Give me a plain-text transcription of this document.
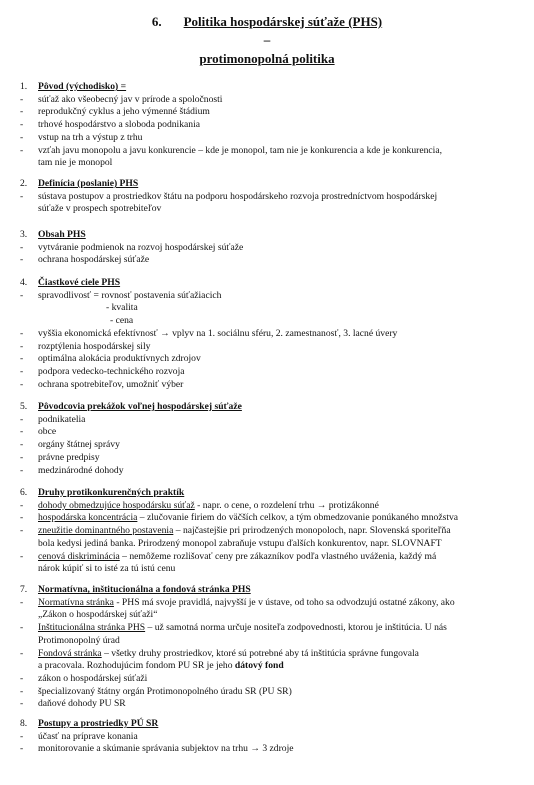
6. Politika hospodárskej súťaže (PHS)
–
protimonopolná politika
1. Pôvod (východisko) =
- súťaž ako všeobecný jav v prírode a spoločnosti
- reprodukčný cyklus a jeho výmenné štádium
- trhové hospodárstvo a sloboda podnikania
- vstup na trh a výstup z trhu
- vzťah javu monopolu a javu konkurencie – kde je monopol, tam nie je konkurencia a kde je konkurencia,
tam nie je monopol
2. Definícia (poslanie) PHS
- sústava postupov a prostriedkov štátu na podporu hospodárskeho rozvoja prostredníctvom hospodárskej
súťaže v prospech spotrebiteľov
3. Obsah PHS
- vytváranie podmienok na rozvoj hospodárskej súťaže
- ochrana hospodárskej súťaže
4. Čiastkové ciele PHS
- spravodlivosť = rovnosť postavenia súťažiacich
- kvalita
- cena
- vyššia ekonomická efektívnosť → vplyv na 1. sociálnu sféru, 2. zamestnanosť, 3. lacné úvery
- rozptýlenia hospodárskej sily
- optimálna alokácia produktívnych zdrojov
- podpora vedecko-technického rozvoja
- ochrana spotrebiteľov, umožniť výber
5. Pôvodcovia prekážok voľnej hospodárskej súťaže
- podnikatelia
- obce
- orgány štátnej správy
- právne predpisy
- medzinárodné dohody
6. Druhy protikonkurenčných praktík
- dohody obmedzujúce hospodársku súťaž - napr. o cene, o rozdelení trhu → protizákonné
- hospodárska koncentrácia – zlučovanie firiem do väčších celkov, a tým obmedzovanie ponúkaného množstva
- zneužitie dominantného postavenia – najčastejšie pri prirodzených monopoloch, napr. Slovenská sporiteľňa
bola kedysi jediná banka. Prirodzený monopol zabraňuje vstupu ďalších konkurentov, napr. SLOVNAFT
- cenová diskriminácia – nemôžeme rozlišovať ceny pre zákazníkov podľa vlastného uváženia, každý má
nárok kúpiť si to isté za tú istú cenu
7. Normatívna, inštitucionálna a fondová stránka PHS
- Normatívna stránka - PHS má svoje pravidlá, najvyšší je v ústave, od toho sa odvodzujú ostatné zákony, ako
„Zákon o hospodárskej súťaži“
- Inštitucionálna stránka PHS – už samotná norma určuje nositeľa zodpovednosti, ktorou je inštitúcia. U nás
Protimonopolný úrad
- Fondová stránka – všetky druhy prostriedkov, ktoré sú potrebné aby tá inštitúcia správne fungovala
a pracovala. Rozhodujúcim fondom PU SR je jeho dátový fond
- zákon o hospodárskej súťaži
- špecializovaný štátny orgán Protimonopolného úradu SR (PU SR)
- daňové dohody PU SR
8. Postupy a prostriedky PÚ SR
- účasť na príprave konania
- monitorovanie a skúmanie správania subjektov na trhu → 3 zdroje
